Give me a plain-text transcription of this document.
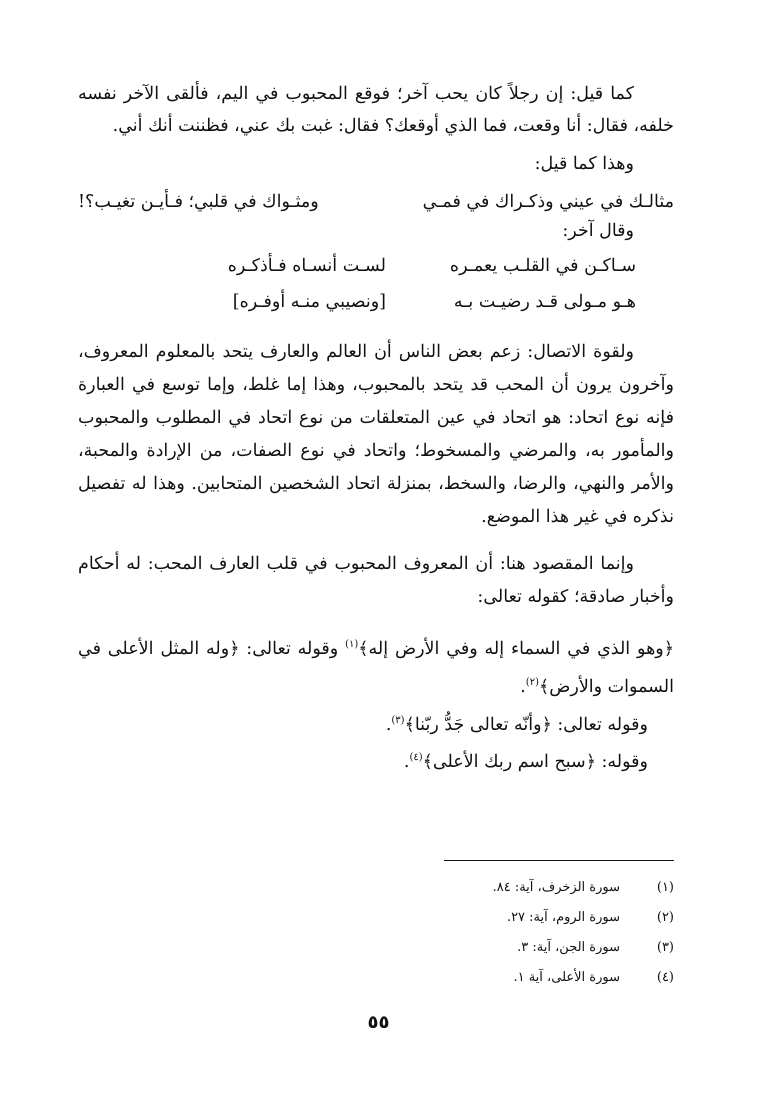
كما قيل: إن رجلاً كان يحب آخر؛ فوقع المحبوب في اليم، فألقى الآخر نفسه خلفه، فقال: أنا وقعت، فما الذي أوقعك؟ فقال: غبت بك عني، فظننت أنك أني.

وهذا كما قيل:

مثالـك في عيني وذكـراك في فمـي
ومثـواك في قلبي؛ فـأيـن تغيـب؟!

وقال آخر:

سـاكـن في القلـب يعمـره
لسـت أنسـاه فـأذكـره
هـو مـولى قـد رضيـت بـه
[ونصيبي منـه أوفـره]

ولقوة الاتصال: زعم بعض الناس أن العالم والعارف يتحد بالمعلوم المعروف، وآخرون يرون أن المحب قد يتحد بالمحبوب، وهذا إما غلط، وإما توسع في العبارة فإنه نوع اتحاد: هو اتحاد في عين المتعلقات من نوع اتحاد في المطلوب والمحبوب والمأمور به، والمرضي والمسخوط؛ واتحاد في نوع الصفات، من الإرادة والمحبة، والأمر والنهي، والرضا، والسخط، بمنزلة اتحاد الشخصين المتحابين. وهذا له تفصيل نذكره في غير هذا الموضع.

وإنما المقصود هنا: أن المعروف المحبوب في قلب العارف المحب: له أحكام وأخبار صادقة؛ كقوله تعالى:

﴿وهو الذي في السماء إله وفي الأرض إله﴾$^{(١)}$ وقوله تعالى: ﴿وله المثل الأعلى في السموات والأرض﴾$^{(٢)}$.

وقوله تعالى: ﴿وأنّه تعالى جَدُّ ربّنا﴾$^{(٣)}$.

وقوله: ﴿سبح اسم ربك الأعلى﴾$^{(٤)}$.

(١)
سورة الزخرف، آية: ٨٤.
(٢)
سورة الروم، آية: ٢٧.
(٣)
سورة الجن، آية: ٣.
(٤)
سورة الأعلى، آية ١.
٥٥
